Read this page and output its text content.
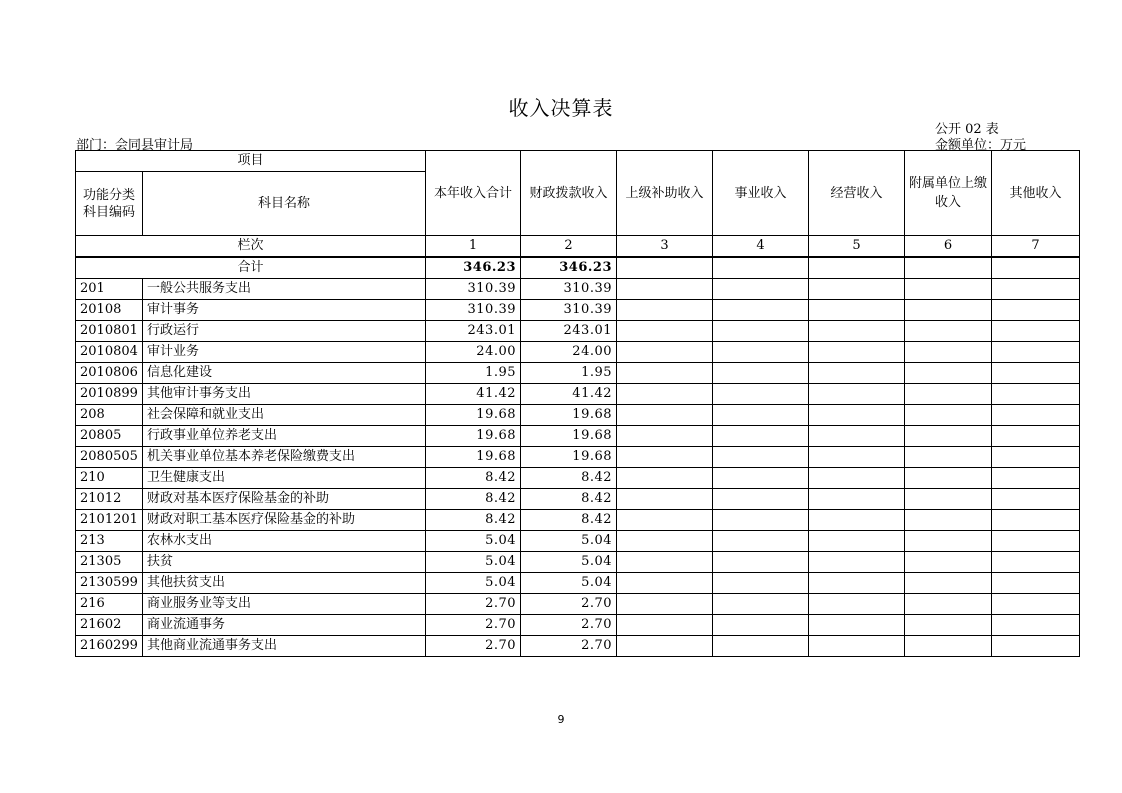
收入决算表
公开 02 表
部门：会同县审计局	金额单位：万元
项目		本年收入合计	财政拨款收入	上级补助收入	事业收入	经营收入	附属单位上缴收入	其他收入
功能分类科目编码	科目名称							
栏次		1	2	3	4	5	6	7
合计		346.23	346.23					
201	一般公共服务支出	310.39	310.39					
20108	审计事务	310.39	310.39					
2010801	行政运行	243.01	243.01					
2010804	审计业务	24.00	24.00					
2010806	信息化建设	1.95	1.95					
2010899	其他审计事务支出	41.42	41.42					
208	社会保障和就业支出	19.68	19.68					
20805	行政事业单位养老支出	19.68	19.68					
2080505	机关事业单位基本养老保险缴费支出	19.68	19.68					
210	卫生健康支出	8.42	8.42					
21012	财政对基本医疗保险基金的补助	8.42	8.42					
2101201	财政对职工基本医疗保险基金的补助	8.42	8.42					
213	农林水支出	5.04	5.04					
21305	扶贫	5.04	5.04					
2130599	其他扶贫支出	5.04	5.04					
216	商业服务业等支出	2.70	2.70					
21602	商业流通事务	2.70	2.70					
2160299	其他商业流通事务支出	2.70	2.70					
9
